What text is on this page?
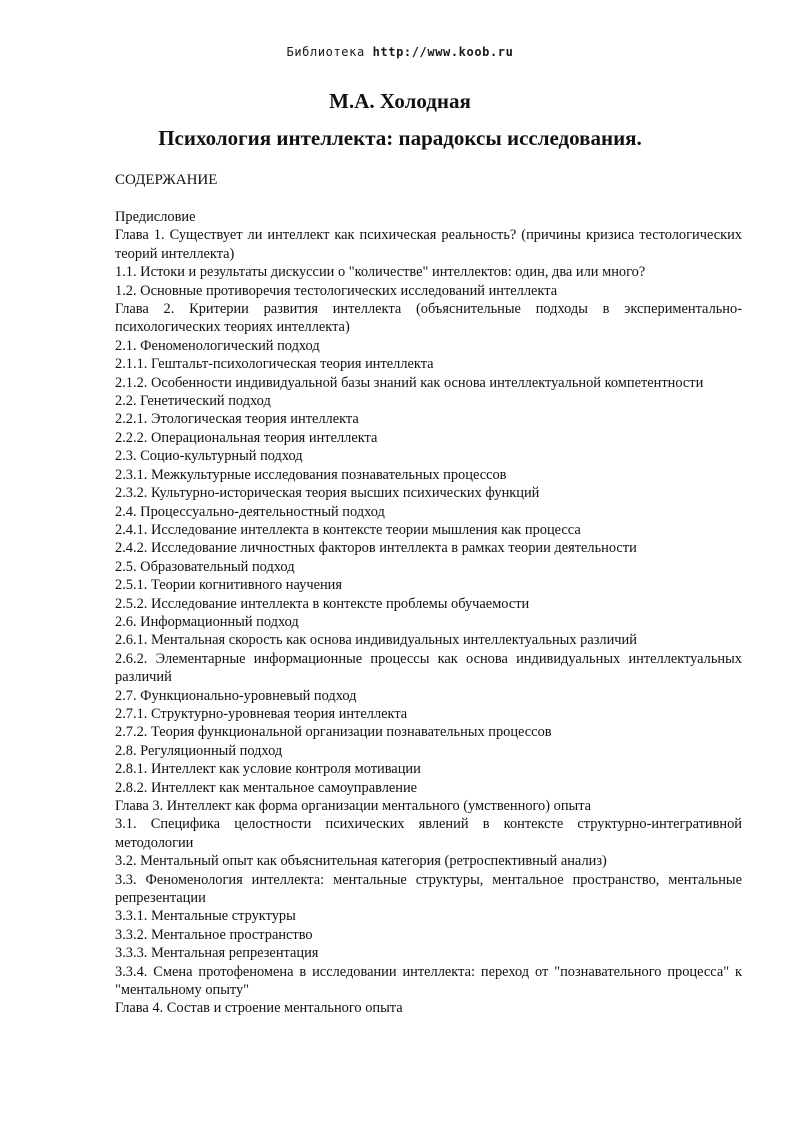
Библиотека http://www.koob.ru
М.А. Холодная
Психология интеллекта: парадоксы исследования.
СОДЕРЖАНИЕ

Предисловие

Глава 1. Существует ли интеллект как психическая реальность? (причины кризиса тестологических теорий интеллекта)

1.1. Истоки и результаты дискуссии о "количестве" интеллектов: один, два или много?

1.2. Основные противоречия тестологических исследований интеллекта

Глава 2. Критерии развития интеллекта (объяснительные подходы в экспериментально-психологических теориях интеллекта)

2.1. Феноменологический подход

2.1.1. Гештальт-психологическая теория интеллекта

2.1.2. Особенности индивидуальной базы знаний как основа интеллектуальной компетентности

2.2. Генетический подход

2.2.1. Этологическая теория интеллекта

2.2.2. Операциональная теория интеллекта

2.3. Социо-культурный подход

2.3.1. Межкультурные исследования познавательных процессов

2.3.2. Культурно-историческая теория высших психических функций

2.4. Процессуально-деятельностный подход

2.4.1. Исследование интеллекта в контексте теории мышления как процесса

2.4.2. Исследование личностных факторов интеллекта в рамках теории деятельности

2.5. Образовательный подход

2.5.1. Теории когнитивного научения

2.5.2. Исследование интеллекта в контексте проблемы обучаемости

2.6. Информационный подход

2.6.1. Ментальная скорость как основа индивидуальных интеллектуальных различий

2.6.2. Элементарные информационные процессы как основа индивидуальных интеллектуальных различий

2.7. Функционально-уровневый подход

2.7.1. Структурно-уровневая теория интеллекта

2.7.2. Теория функциональной организации познавательных процессов

2.8. Регуляционный подход

2.8.1. Интеллект как условие контроля мотивации

2.8.2. Интеллект как ментальное самоуправление

Глава 3. Интеллект как форма организации ментального (умственного) опыта

3.1. Специфика целостности психических явлений в контексте структурно-интегративной методологии

3.2. Ментальный опыт как объяснительная категория (ретроспективный анализ)

3.3. Феноменология интеллекта: ментальные структуры, ментальное пространство, ментальные репрезентации

3.3.1. Ментальные структуры

3.3.2. Ментальное пространство

3.3.3. Ментальная репрезентация

3.3.4. Смена протофеномена в исследовании интеллекта: переход от "познавательного процесса" к "ментальному опыту"

Глава 4. Состав и строение ментального опыта
